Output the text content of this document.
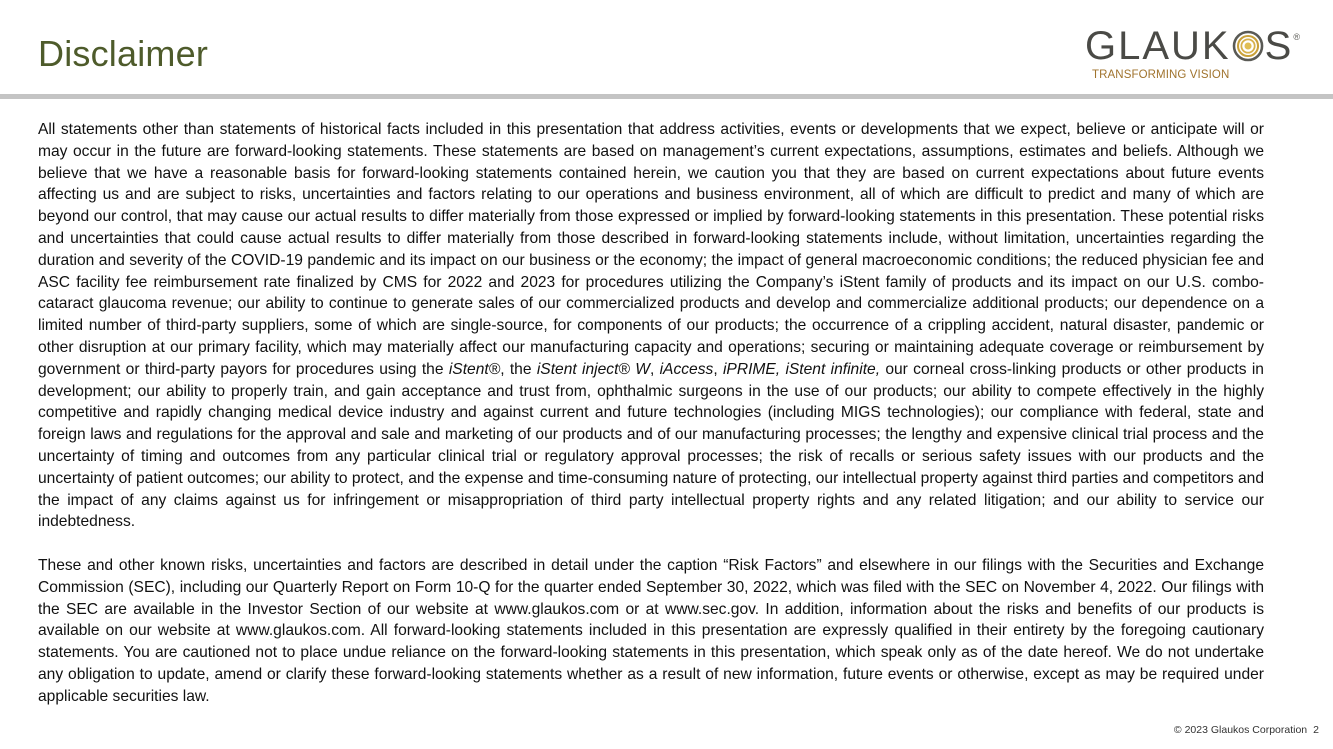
Disclaimer	GLAUK S ®
TRANSFORMING VISION

All statements other than statements of historical facts included in this presentation that address activities, events or developments that we expect, believe or anticipate will or may occur in the future are forward-looking statements. These statements are based on management’s current expectations, assumptions, estimates and beliefs. Although we believe that we have a reasonable basis for forward-looking statements contained herein, we caution you that they are based on current expectations about future events affecting us and are subject to risks, uncertainties and factors relating to our operations and business environment, all of which are difficult to predict and many of which are beyond our control, that may cause our actual results to differ materially from those expressed or implied by forward-looking statements in this presentation. These potential risks and uncertainties that could cause actual results to differ materially from those described in forward-looking statements include, without limitation, uncertainties regarding the duration and severity of the COVID-19 pandemic and its impact on our business or the economy; the impact of general macroeconomic conditions; the reduced physician fee and ASC facility fee reimbursement rate finalized by CMS for 2022 and 2023 for procedures utilizing the Company’s iStent family of products and its impact on our U.S. combo-cataract glaucoma revenue; our ability to continue to generate sales of our commercialized products and develop and commercialize additional products; our dependence on a limited number of third-party suppliers, some of which are single-source, for components of our products; the occurrence of a crippling accident, natural disaster, pandemic or other disruption at our primary facility, which may materially affect our manufacturing capacity and operations; securing or maintaining adequate coverage or reimbursement by government or third-party payors for procedures using the iStent®, the iStent inject® W, iAccess, iPRIME, iStent infinite, our corneal cross-linking products or other products in development; our ability to properly train, and gain acceptance and trust from, ophthalmic surgeons in the use of our products; our ability to compete effectively in the highly competitive and rapidly changing medical device industry and against current and future technologies (including MIGS technologies); our compliance with federal, state and foreign laws and regulations for the approval and sale and marketing of our products and of our manufacturing processes; the lengthy and expensive clinical trial process and the uncertainty of timing and outcomes from any particular clinical trial or regulatory approval processes; the risk of recalls or serious safety issues with our products and the uncertainty of patient outcomes; our ability to protect, and the expense and time-consuming nature of protecting, our intellectual property against third parties and competitors and the impact of any claims against us for infringement or misappropriation of third party intellectual property rights and any related litigation; and our ability to service our indebtedness.

These and other known risks, uncertainties and factors are described in detail under the caption “Risk Factors” and elsewhere in our filings with the Securities and Exchange Commission (SEC), including our Quarterly Report on Form 10-Q for the quarter ended September 30, 2022, which was filed with the SEC on November 4, 2022. Our filings with the SEC are available in the Investor Section of our website at www.glaukos.com or at www.sec.gov. In addition, information about the risks and benefits of our products is available on our website at www.glaukos.com. All forward-looking statements included in this presentation are expressly qualified in their entirety by the foregoing cautionary statements. You are cautioned not to place undue reliance on the forward-looking statements in this presentation, which speak only as of the date hereof. We do not undertake any obligation to update, amend or clarify these forward-looking statements whether as a result of new information, future events or otherwise, except as may be required under applicable securities law.

© 2023 Glaukos Corporation 2
